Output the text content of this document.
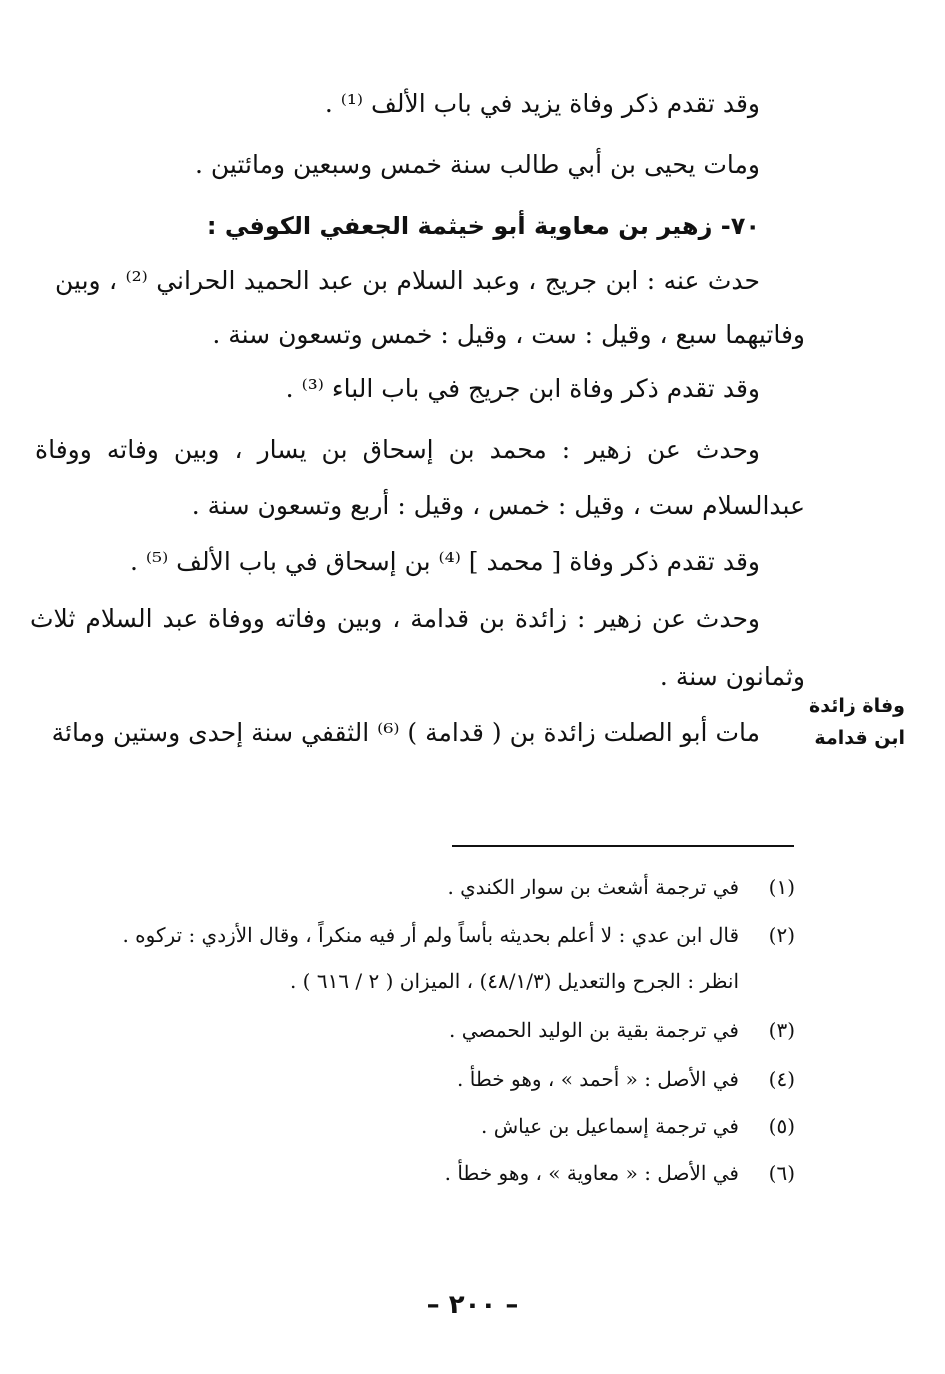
وقد تقدم ذكر وفاة يزيد في باب الألف ⁽¹⁾ .
ومات يحيى بن أبي طالب سنة خمس وسبعين ومائتين .
٧٠- زهير بن معاوية أبو خيثمة الجعفي الكوفي :
حدث عنه : ابن جريج ، وعبد السلام بن عبد الحميد الحراني ⁽²⁾ ، وبين
وفاتيهما سبع ، وقيل : ست ، وقيل : خمس وتسعون سنة .
وقد تقدم ذكر وفاة ابن جريج في باب الباء ⁽³⁾ .
وحدث عن زهير : محمد بن إسحاق بن يسار ، وبين وفاته ووفاة
عبدالسلام ست ، وقيل : خمس ، وقيل : أربع وتسعون سنة .
وقد تقدم ذكر وفاة [ محمد ] ⁽⁴⁾ بن إسحاق في باب الألف ⁽⁵⁾ .
وحدث عن زهير : زائدة بن قدامة ، وبين وفاته ووفاة عبد السلام ثلاث
وثمانون سنة .
مات أبو الصلت زائدة بن ( قدامة ) ⁽⁶⁾ الثقفي سنة إحدى وستين ومائة
وفاة زائدة
ابن قدامة
(١)في ترجمة أشعث بن سوار الكندي .
(٢)قال ابن عدي : لا أعلم بحديثه بأساً ولم أر فيه منكراً ، وقال الأزدي : تركوه .
انظر : الجرح والتعديل (٤٨/١/٣) ، الميزان ( ٢ / ٦١٦ ) .
(٣)في ترجمة بقية بن الوليد الحمصي .
(٤)في الأصل : « أحمد » ، وهو خطأ .
(٥)في ترجمة إسماعيل بن عياش .
(٦)في الأصل : « معاوية » ، وهو خطأ .
– ٢٠٠ –
